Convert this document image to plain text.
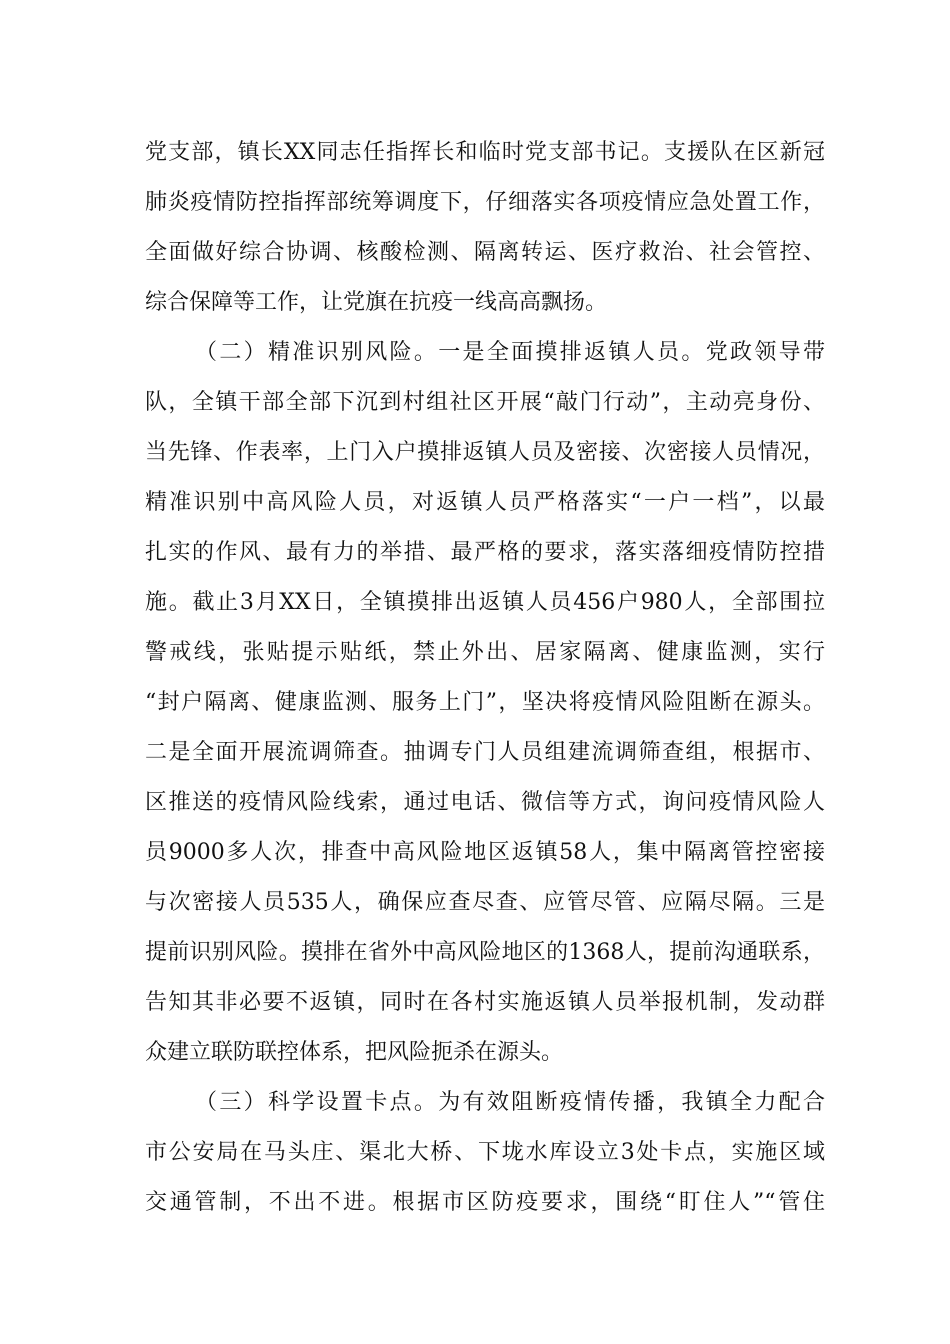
党支部，镇长XX同志任指挥长和临时党支部书记。支援队在区新冠
肺炎疫情防控指挥部统筹调度下，仔细落实各项疫情应急处置工作，
全面做好综合协调、核酸检测、隔离转运、医疗救治、社会管控、
综合保障等工作，让党旗在抗疫一线高高飘扬。
（二）精准识别风险。一是全面摸排返镇人员。党政领导带
队，全镇干部全部下沉到村组社区开展“敲门行动”，主动亮身份、
当先锋、作表率，上门入户摸排返镇人员及密接、次密接人员情况，
精准识别中高风险人员，对返镇人员严格落实“一户一档”，以最
扎实的作风、最有力的举措、最严格的要求，落实落细疫情防控措
施。截止3月XX日，全镇摸排出返镇人员456户980人，全部围拉
警戒线，张贴提示贴纸，禁止外出、居家隔离、健康监测，实行
“封户隔离、健康监测、服务上门”，坚决将疫情风险阻断在源头。
二是全面开展流调筛查。抽调专门人员组建流调筛查组，根据市、
区推送的疫情风险线索，通过电话、微信等方式，询问疫情风险人
员9000多人次，排查中高风险地区返镇58人，集中隔离管控密接
与次密接人员535人，确保应查尽查、应管尽管、应隔尽隔。三是
提前识别风险。摸排在省外中高风险地区的1368人，提前沟通联系，
告知其非必要不返镇，同时在各村实施返镇人员举报机制，发动群
众建立联防联控体系，把风险扼杀在源头。
（三）科学设置卡点。为有效阻断疫情传播，我镇全力配合
市公安局在马头庄、渠北大桥、下垅水库设立3处卡点，实施区域
交通管制，不出不进。根据市区防疫要求，围绕“盯住人”“管住
